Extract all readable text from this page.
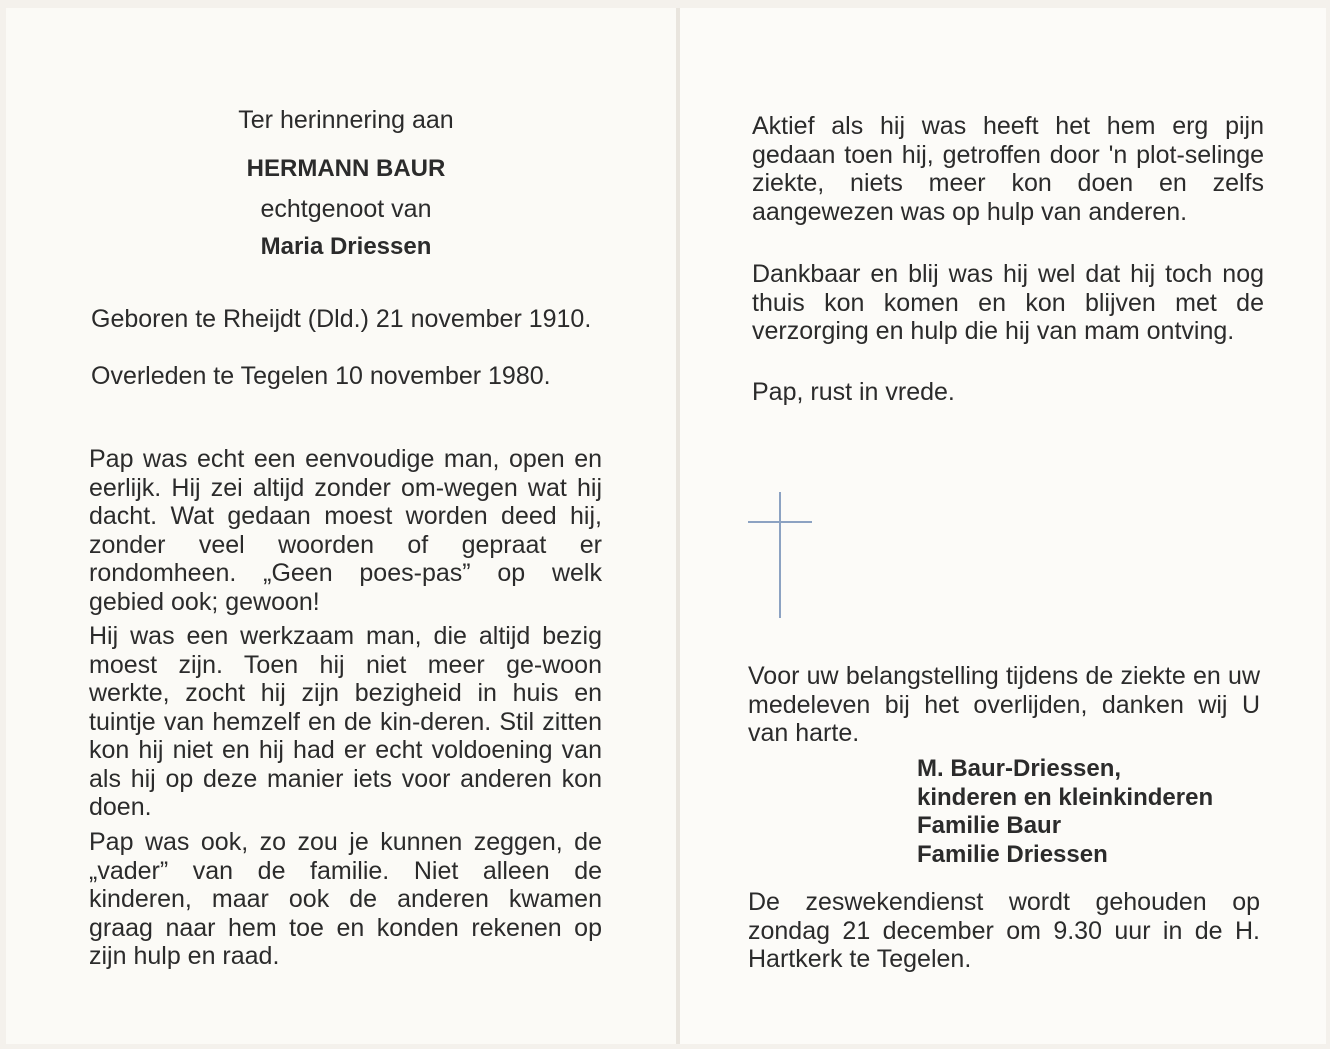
Ter herinnering aan

HERMANN BAUR

echtgenoot van

Maria Driessen

Geboren te Rheijdt (Dld.) 21 november 1910.

Overleden te Tegelen 10 november 1980.

Pap was echt een eenvoudige man, open en eerlijk. Hij zei altijd zonder om-wegen wat hij dacht. Wat gedaan moest worden deed hij, zonder veel woorden of gepraat er rondomheen. „Geen poes-pas” op welk gebied ook; gewoon!

Hij was een werkzaam man, die altijd bezig moest zijn. Toen hij niet meer ge-woon werkte, zocht hij zijn bezigheid in huis en tuintje van hemzelf en de kin-deren. Stil zitten kon hij niet en hij had er echt voldoening van als hij op deze manier iets voor anderen kon doen.

Pap was ook, zo zou je kunnen zeggen, de „vader” van de familie. Niet alleen de kinderen, maar ook de anderen kwamen graag naar hem toe en konden rekenen op zijn hulp en raad.

Aktief als hij was heeft het hem erg pijn gedaan toen hij, getroffen door 'n plot-selinge ziekte, niets meer kon doen en zelfs aangewezen was op hulp van anderen.

Dankbaar en blij was hij wel dat hij toch nog thuis kon komen en kon blijven met de verzorging en hulp die hij van mam ontving.

Pap, rust in vrede.

Voor uw belangstelling tijdens de ziekte en uw medeleven bij het overlijden, danken wij U van harte.

M. Baur-Driessen,

kinderen en kleinkinderen

Familie Baur

Familie Driessen

De zeswekendienst wordt gehouden op zondag 21 december om 9.30 uur in de H. Hartkerk te Tegelen.
